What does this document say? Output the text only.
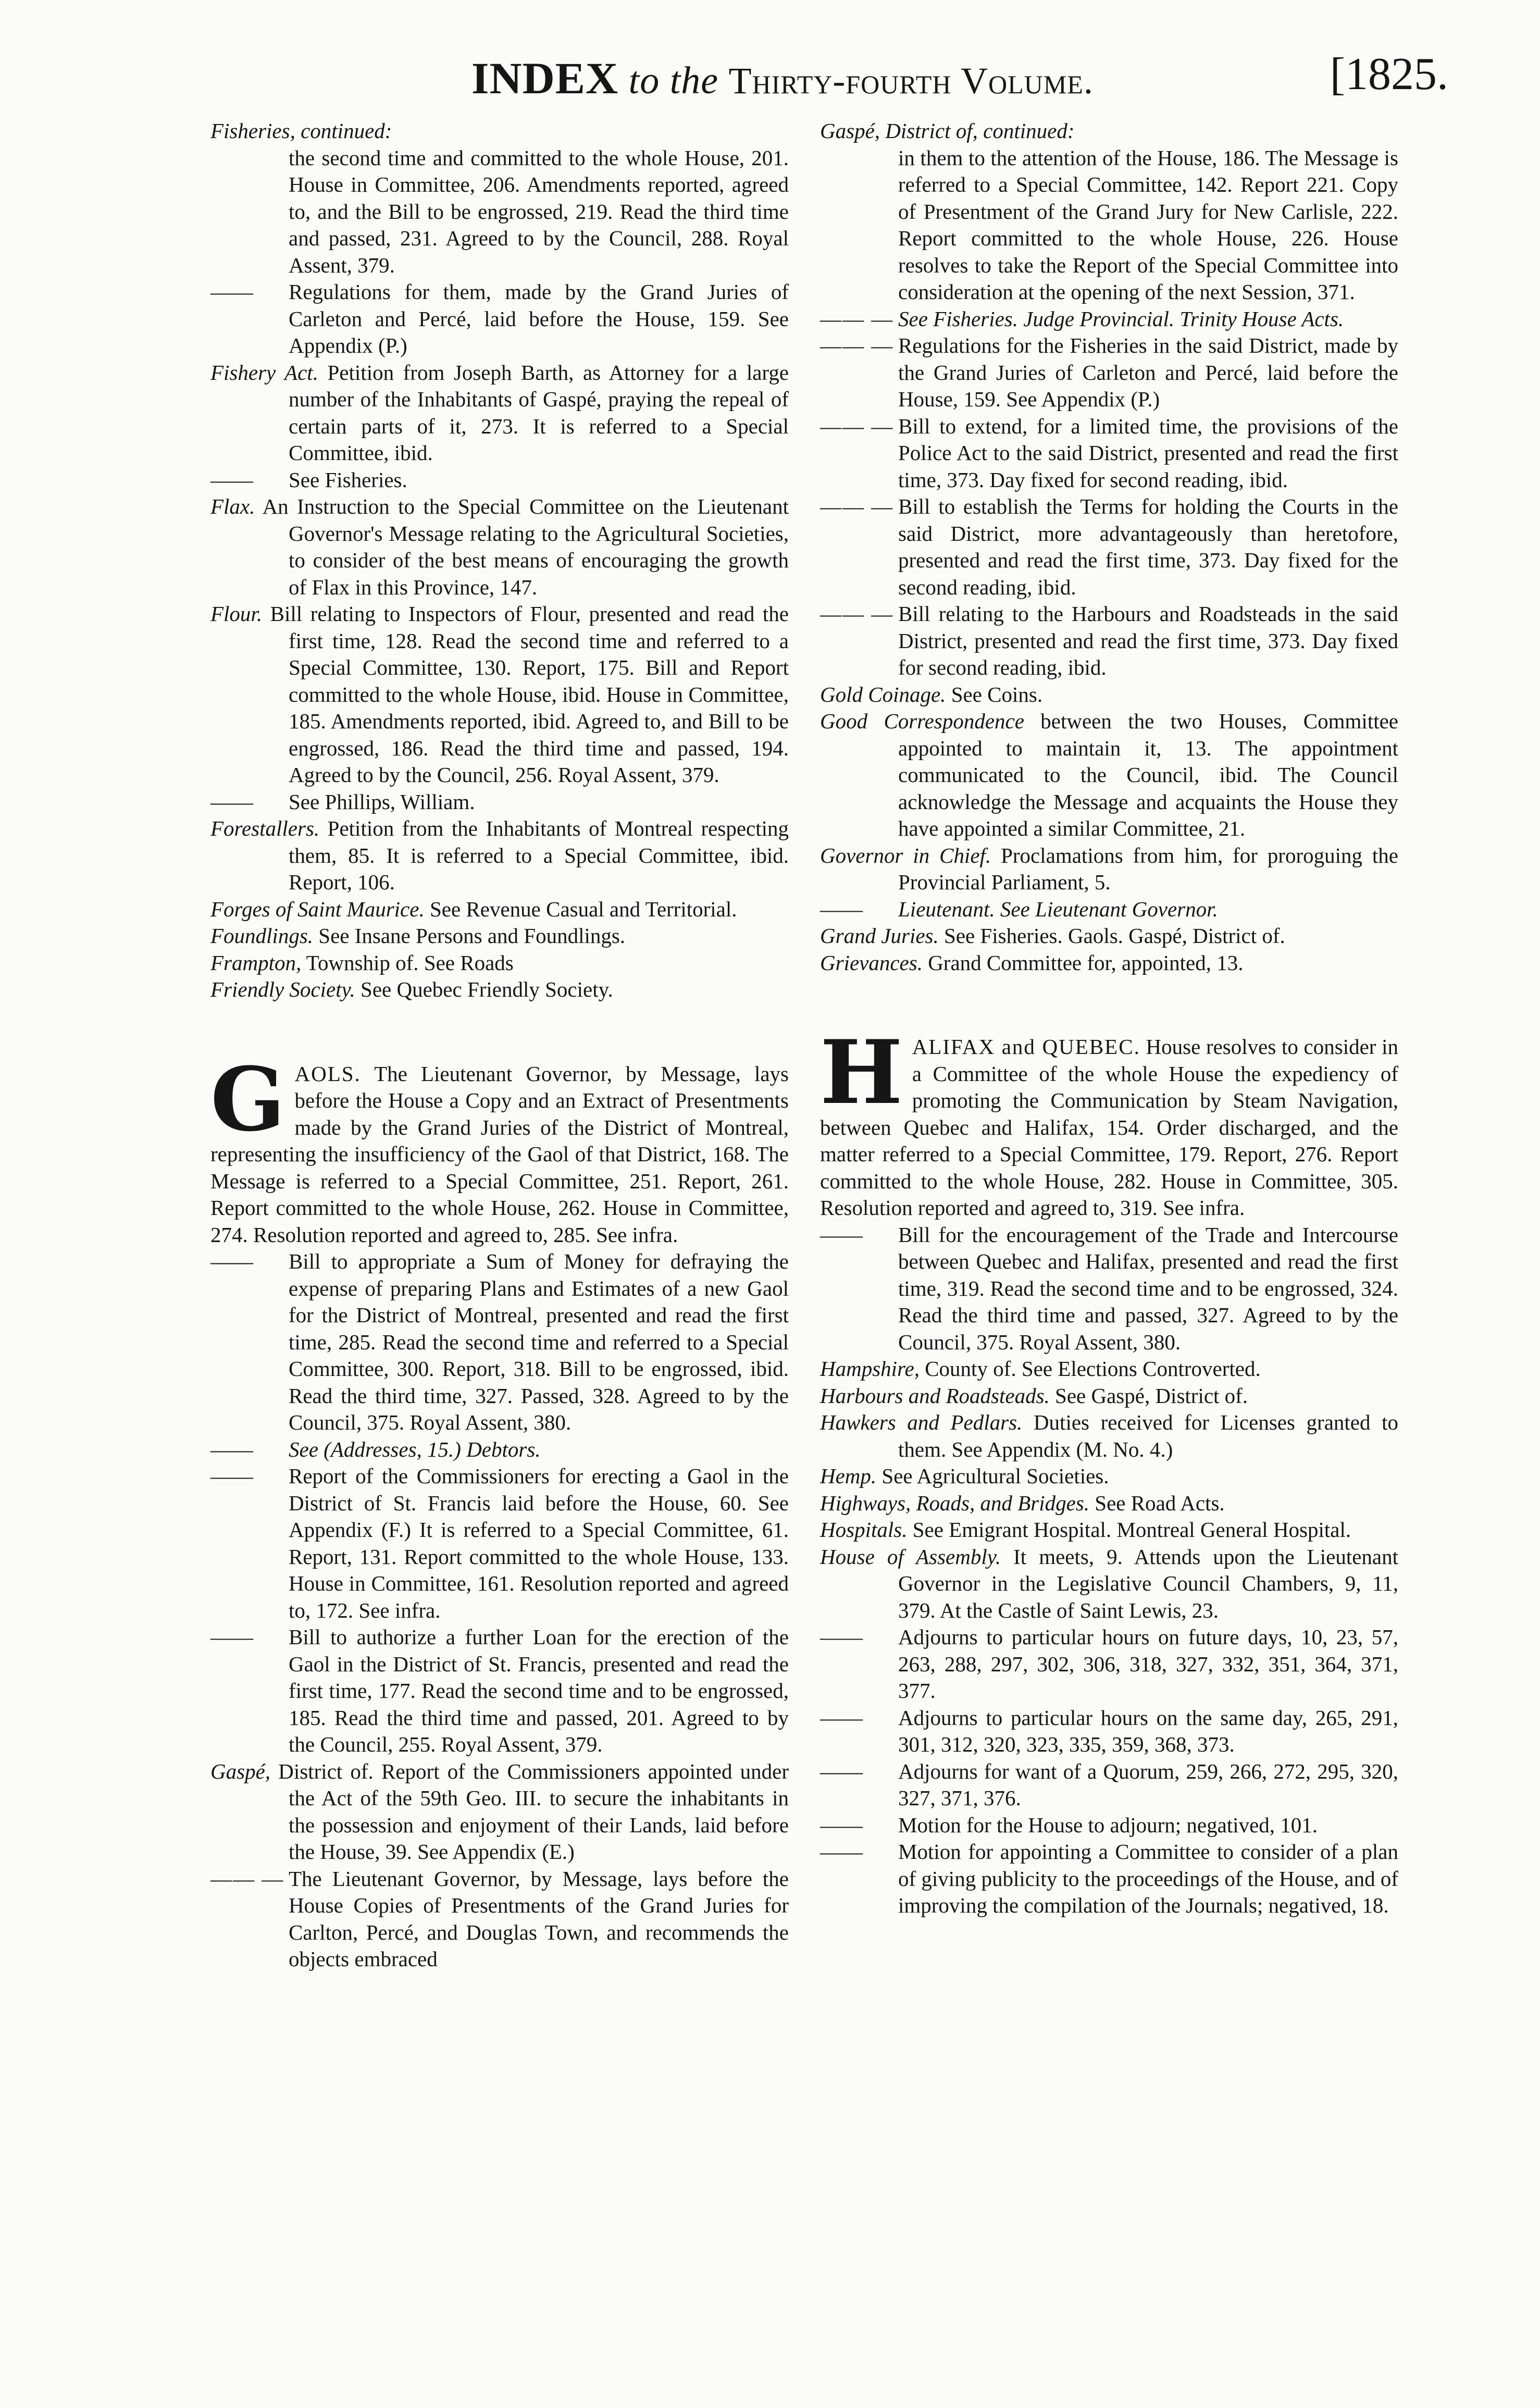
INDEX to the Thirty-fourth Volume.	[1825.

Fisheries, continued:

the second time and committed to the whole House, 201. House in Committee, 206. Amendments reported, agreed to, and the Bill to be engrossed, 219. Read the third time and passed, 231. Agreed to by the Council, 288. Royal Assent, 379.

—— Regulations for them, made by the Grand Juries of Carleton and Percé, laid before the House, 159. See Appendix (P.)

Fishery Act. Petition from Joseph Barth, as Attorney for a large number of the Inhabitants of Gaspé, praying the repeal of certain parts of it, 273. It is referred to a Special Committee, ibid.

—— See Fisheries.

Flax. An Instruction to the Special Committee on the Lieutenant Governor's Message relating to the Agricultural Societies, to consider of the best means of encouraging the growth of Flax in this Province, 147.

Flour. Bill relating to Inspectors of Flour, presented and read the first time, 128. Read the second time and referred to a Special Committee, 130. Report, 175. Bill and Report committed to the whole House, ibid. House in Committee, 185. Amendments reported, ibid. Agreed to, and Bill to be engrossed, 186. Read the third time and passed, 194. Agreed to by the Council, 256. Royal Assent, 379.

—— See Phillips, William.

Forestallers. Petition from the Inhabitants of Montreal respecting them, 85. It is referred to a Special Committee, ibid. Report, 106.

Forges of Saint Maurice. See Revenue Casual and Territorial.

Foundlings. See Insane Persons and Foundlings.

Frampton, Township of. See Roads

Friendly Society. See Quebec Friendly Society.

G AOLS. The Lieutenant Governor, by Message, lays before the House a Copy and an Extract of Presentments made by the Grand Juries of the District of Montreal, representing the insufficiency of the Gaol of that District, 168. The Message is referred to a Special Committee, 251. Report, 261. Report committed to the whole House, 262. House in Committee, 274. Resolution reported and agreed to, 285. See infra.

—— Bill to appropriate a Sum of Money for defraying the expense of preparing Plans and Estimates of a new Gaol for the District of Montreal, presented and read the first time, 285. Read the second time and referred to a Special Committee, 300. Report, 318. Bill to be engrossed, ibid. Read the third time, 327. Passed, 328. Agreed to by the Council, 375. Royal Assent, 380.

—— See (Addresses, 15.) Debtors.

—— Report of the Commissioners for erecting a Gaol in the District of St. Francis laid before the House, 60. See Appendix (F.) It is referred to a Special Committee, 61. Report, 131. Report committed to the whole House, 133. House in Committee, 161. Resolution reported and agreed to, 172. See infra.

—— Bill to authorize a further Loan for the erection of the Gaol in the District of St. Francis, presented and read the first time, 177. Read the second time and to be engrossed, 185. Read the third time and passed, 201. Agreed to by the Council, 255. Royal Assent, 379.

Gaspé, District of. Report of the Commissioners appointed under the Act of the 59th Geo. III. to secure the inhabitants in the possession and enjoyment of their Lands, laid before the House, 39. See Appendix (E.)

—— — The Lieutenant Governor, by Message, lays before the House Copies of Presentments of the Grand Juries for Carlton, Percé, and Douglas Town, and recommends the objects embraced

Gaspé, District of, continued:

in them to the attention of the House, 186. The Message is referred to a Special Committee, 142. Report 221. Copy of Presentment of the Grand Jury for New Carlisle, 222. Report committed to the whole House, 226. House resolves to take the Report of the Special Committee into consideration at the opening of the next Session, 371.

—— — See Fisheries. Judge Provincial. Trinity House Acts.

—— — Regulations for the Fisheries in the said District, made by the Grand Juries of Carleton and Percé, laid before the House, 159. See Appendix (P.)

—— — Bill to extend, for a limited time, the provisions of the Police Act to the said District, presented and read the first time, 373. Day fixed for second reading, ibid.

—— — Bill to establish the Terms for holding the Courts in the said District, more advantageously than heretofore, presented and read the first time, 373. Day fixed for the second reading, ibid.

—— — Bill relating to the Harbours and Roadsteads in the said District, presented and read the first time, 373. Day fixed for second reading, ibid.

Gold Coinage. See Coins.

Good Correspondence between the two Houses, Committee appointed to maintain it, 13. The appointment communicated to the Council, ibid. The Council acknowledge the Message and acquaints the House they have appointed a similar Committee, 21.

Governor in Chief. Proclamations from him, for proroguing the Provincial Parliament, 5.

—— Lieutenant. See Lieutenant Governor.

Grand Juries. See Fisheries. Gaols. Gaspé, District of.

Grievances. Grand Committee for, appointed, 13.

H ALIFAX and QUEBEC. House resolves to consider in a Committee of the whole House the expediency of promoting the Communication by Steam Navigation, between Quebec and Halifax, 154. Order discharged, and the matter referred to a Special Committee, 179. Report, 276. Report committed to the whole House, 282. House in Committee, 305. Resolution reported and agreed to, 319. See infra.

—— Bill for the encouragement of the Trade and Intercourse between Quebec and Halifax, presented and read the first time, 319. Read the second time and to be engrossed, 324. Read the third time and passed, 327. Agreed to by the Council, 375. Royal Assent, 380.

Hampshire, County of. See Elections Controverted.

Harbours and Roadsteads. See Gaspé, District of.

Hawkers and Pedlars. Duties received for Licenses granted to them. See Appendix (M. No. 4.)

Hemp. See Agricultural Societies.

Highways, Roads, and Bridges. See Road Acts.

Hospitals. See Emigrant Hospital. Montreal General Hospital.

House of Assembly. It meets, 9. Attends upon the Lieutenant Governor in the Legislative Council Chambers, 9, 11, 379. At the Castle of Saint Lewis, 23.

—— Adjourns to particular hours on future days, 10, 23, 57, 263, 288, 297, 302, 306, 318, 327, 332, 351, 364, 371, 377.

—— Adjourns to particular hours on the same day, 265, 291, 301, 312, 320, 323, 335, 359, 368, 373.

—— Adjourns for want of a Quorum, 259, 266, 272, 295, 320, 327, 371, 376.

—— Motion for the House to adjourn; negatived, 101.

—— Motion for appointing a Committee to consider of a plan of giving publicity to the proceedings of the House, and of improving the compilation of the Journals; negatived, 18.
